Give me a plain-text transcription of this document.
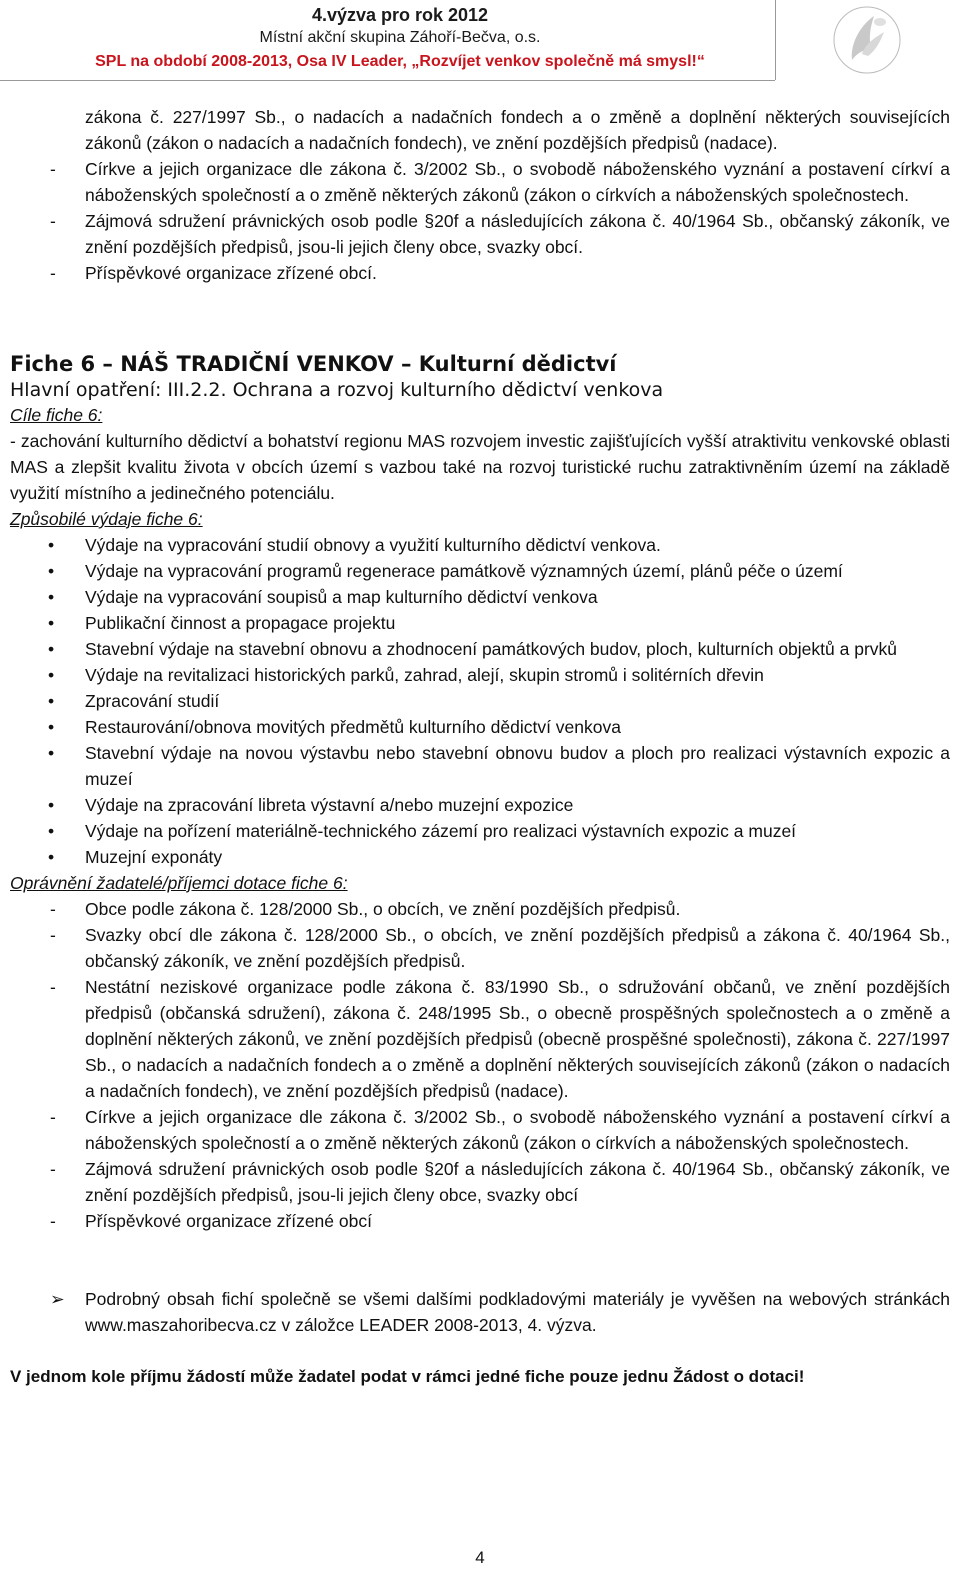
4.výzva pro rok 2012
Místní akční skupina Záhoří-Bečva, o.s.
SPL na období 2008-2013, Osa IV Leader, „Rozvíjet venkov společně má smysl!“

zákona č. 227/1997 Sb., o nadacích a nadačních fondech a o změně a doplnění některých souvisejících zákonů (zákon o nadacích a nadačních fondech), ve znění pozdějších předpisů (nadace).

-	Církve a jejich organizace dle zákona č. 3/2002 Sb., o svobodě náboženského vyznání a postavení církví a náboženských společností a o změně některých zákonů (zákon o církvích a náboženských společnostech.
-	Zájmová sdružení právnických osob podle §20f a následujících zákona č. 40/1964 Sb., občanský zákoník, ve znění pozdějších předpisů, jsou-li jejich členy obce, svazky obcí.
-	Příspěvkové organizace zřízené obcí.

Fiche 6 – NÁŠ TRADIČNÍ VENKOV – Kulturní dědictví

Hlavní opatření: III.2.2. Ochrana a rozvoj kulturního dědictví venkova

Cíle fiche 6:

- zachování kulturního dědictví a bohatství regionu MAS rozvojem investic zajišťujících vyšší atraktivitu venkovské oblasti MAS a zlepšit kvalitu života v obcích území s vazbou také na rozvoj turistické ruchu zatraktivněním území na základě využití místního a jedinečného potenciálu.

Způsobilé výdaje fiche 6:

•	Výdaje na vypracování studií obnovy a využití kulturního dědictví venkova.
•	Výdaje na vypracování programů regenerace památkově významných území, plánů péče o území
•	Výdaje na vypracování soupisů a map kulturního dědictví venkova
•	Publikační činnost a propagace projektu
•	Stavební výdaje na stavební obnovu a zhodnocení památkových budov, ploch, kulturních objektů a prvků
•	Výdaje na revitalizaci historických parků, zahrad, alejí, skupin stromů i solitérních dřevin
•	Zpracování studií
•	Restaurování/obnova movitých předmětů kulturního dědictví venkova
•	Stavební výdaje na novou výstavbu nebo stavební obnovu budov a ploch pro realizaci výstavních expozic a muzeí
•	Výdaje na zpracování libreta výstavní a/nebo muzejní expozice
•	Výdaje na pořízení materiálně-technického zázemí pro realizaci výstavních expozic a muzeí
•	Muzejní exponáty

Oprávnění žadatelé/příjemci dotace fiche 6:

-	Obce podle zákona č. 128/2000 Sb., o obcích, ve znění pozdějších předpisů.
-	Svazky obcí dle zákona č. 128/2000 Sb., o obcích, ve znění pozdějších předpisů a zákona č. 40/1964 Sb., občanský zákoník, ve znění pozdějších předpisů.
-	Nestátní neziskové organizace podle zákona č. 83/1990 Sb., o sdružování občanů, ve znění pozdějších předpisů (občanská sdružení), zákona č. 248/1995 Sb., o obecně prospěšných společnostech a o změně a doplnění některých zákonů, ve znění pozdějších předpisů (obecně prospěšné společnosti), zákona č. 227/1997 Sb., o nadacích a nadačních fondech a o změně a doplnění některých souvisejících zákonů (zákon o nadacích a nadačních fondech), ve znění pozdějších předpisů (nadace).
-	Církve a jejich organizace dle zákona č. 3/2002 Sb., o svobodě náboženského vyznání a postavení církví a náboženských společností a o změně některých zákonů (zákon o církvích a náboženských společnostech.
-	Zájmová sdružení právnických osob podle §20f a následujících zákona č. 40/1964 Sb., občanský zákoník, ve znění pozdějších předpisů, jsou-li jejich členy obce, svazky obcí
-	Příspěvkové organizace zřízené obcí
➢	Podrobný obsah fichí společně se všemi dalšími podkladovými materiály je vyvěšen na webových stránkách www.maszahoribecva.cz v záložce LEADER 2008-2013, 4. výzva.

V jednom kole příjmu žádostí může žadatel podat v rámci jedné fiche pouze jednu Žádost o dotaci!

4
